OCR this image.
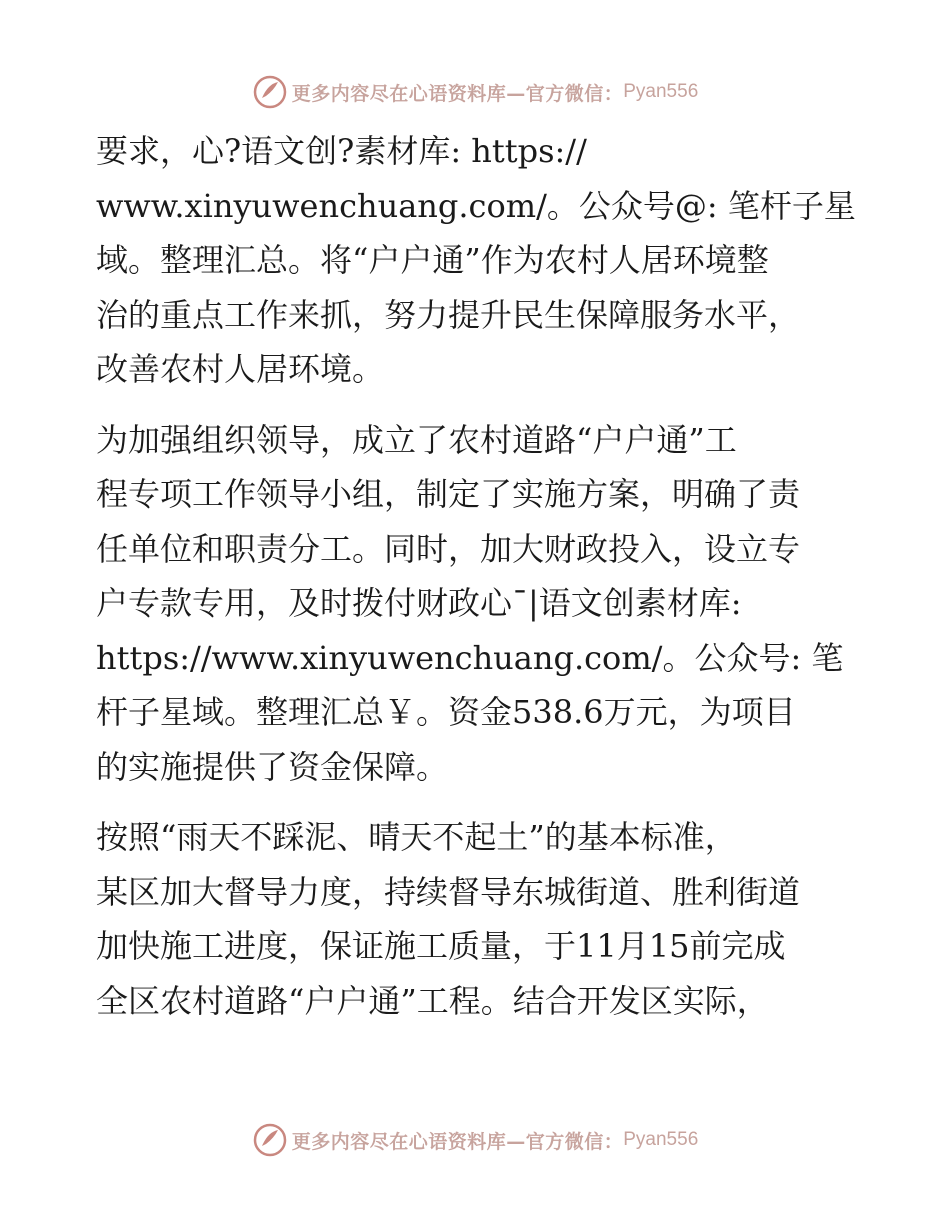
更多内容尽在心语资料库—官方微信： Pyan556

要求，心?语文创?素材库: https://
www.xinyuwenchuang.com/。公众号@: 笔杆子星
域。整理汇总。将“户户通”作为农村人居环境整
治的重点工作来抓，努力提升民生保障服务水平，
改善农村人居环境。

为加强组织领导，成立了农村道路“户户通”工
程专项工作领导小组，制定了实施方案，明确了责
任单位和职责分工。同时，加大财政投入，设立专
户专款专用，及时拨付财政心¯|语文创素材库:
https://www.xinyuwenchuang.com/。公众号: 笔
杆子星域。整理汇总￥。资金538.6万元，为项目
的实施提供了资金保障。

按照“雨天不踩泥、晴天不起土”的基本标准，
某区加大督导力度，持续督导东城街道、胜利街道
加快施工进度，保证施工质量，于11月15前完成
全区农村道路“户户通”工程。结合开发区实际，

更多内容尽在心语资料库—官方微信： Pyan556
